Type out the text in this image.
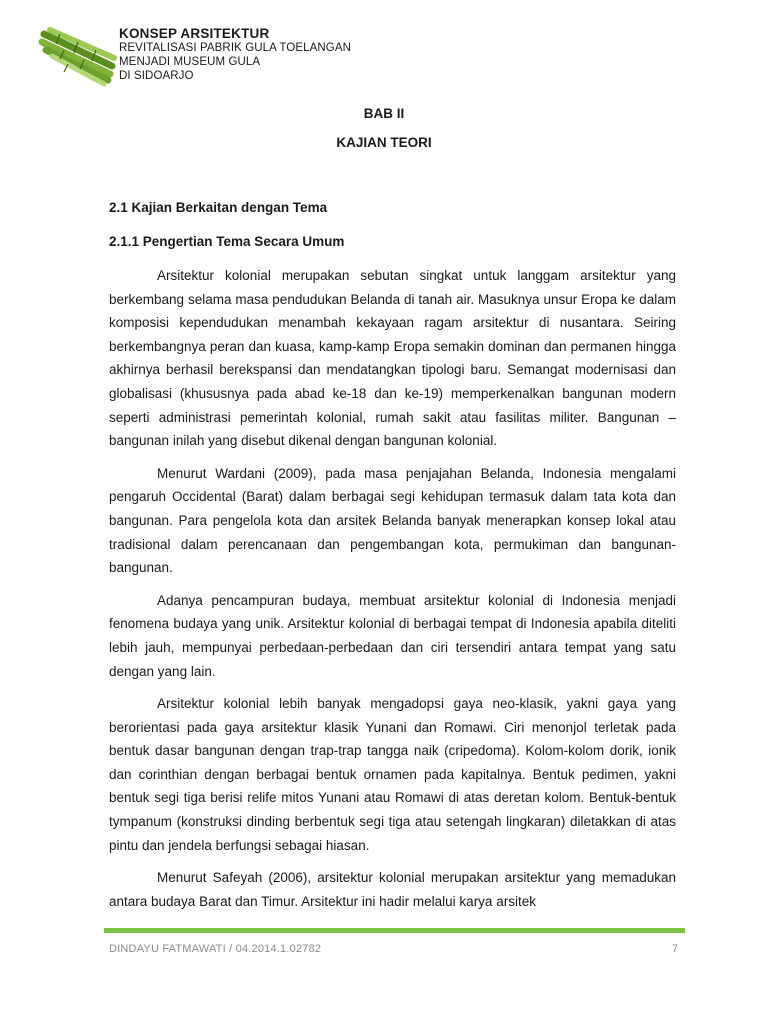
KONSEP ARSITEKTUR
REVITALISASI PABRIK GULA TOELANGAN
MENJADI MUSEUM GULA
DI SIDOARJO
BAB II
KAJIAN TEORI
2.1 Kajian Berkaitan dengan Tema
2.1.1 Pengertian Tema Secara Umum

Arsitektur kolonial merupakan sebutan singkat untuk langgam arsitektur yang berkembang selama masa pendudukan Belanda di tanah air. Masuknya unsur Eropa ke dalam komposisi kependudukan menambah kekayaan ragam arsitektur di nusantara. Seiring berkembangnya peran dan kuasa, kamp-kamp Eropa semakin dominan dan permanen hingga akhirnya berhasil berekspansi dan mendatangkan tipologi baru. Semangat modernisasi dan globalisasi (khususnya pada abad ke-18 dan ke-19) memperkenalkan bangunan modern seperti administrasi pemerintah kolonial, rumah sakit atau fasilitas militer. Bangunan – bangunan inilah yang disebut dikenal dengan bangunan kolonial.

Menurut Wardani (2009), pada masa penjajahan Belanda, Indonesia mengalami pengaruh Occidental (Barat) dalam berbagai segi kehidupan termasuk dalam tata kota dan bangunan. Para pengelola kota dan arsitek Belanda banyak menerapkan konsep lokal atau tradisional dalam perencanaan dan pengembangan kota, permukiman dan bangunan-bangunan.

Adanya pencampuran budaya, membuat arsitektur kolonial di Indonesia menjadi fenomena budaya yang unik. Arsitektur kolonial di berbagai tempat di Indonesia apabila diteliti lebih jauh, mempunyai perbedaan-perbedaan dan ciri tersendiri antara tempat yang satu dengan yang lain.

Arsitektur kolonial lebih banyak mengadopsi gaya neo-klasik, yakni gaya yang berorientasi pada gaya arsitektur klasik Yunani dan Romawi. Ciri menonjol terletak pada bentuk dasar bangunan dengan trap-trap tangga naik (cripedoma). Kolom-kolom dorik, ionik dan corinthian dengan berbagai bentuk ornamen pada kapitalnya. Bentuk pedimen, yakni bentuk segi tiga berisi relife mitos Yunani atau Romawi di atas deretan kolom. Bentuk-bentuk tympanum (konstruksi dinding berbentuk segi tiga atau setengah lingkaran) diletakkan di atas pintu dan jendela berfungsi sebagai hiasan.

Menurut Safeyah (2006), arsitektur kolonial merupakan arsitektur yang memadukan antara budaya Barat dan Timur. Arsitektur ini hadir melalui karya arsitek

DINDAYU FATMAWATI / 04.2014.1.02782	7
